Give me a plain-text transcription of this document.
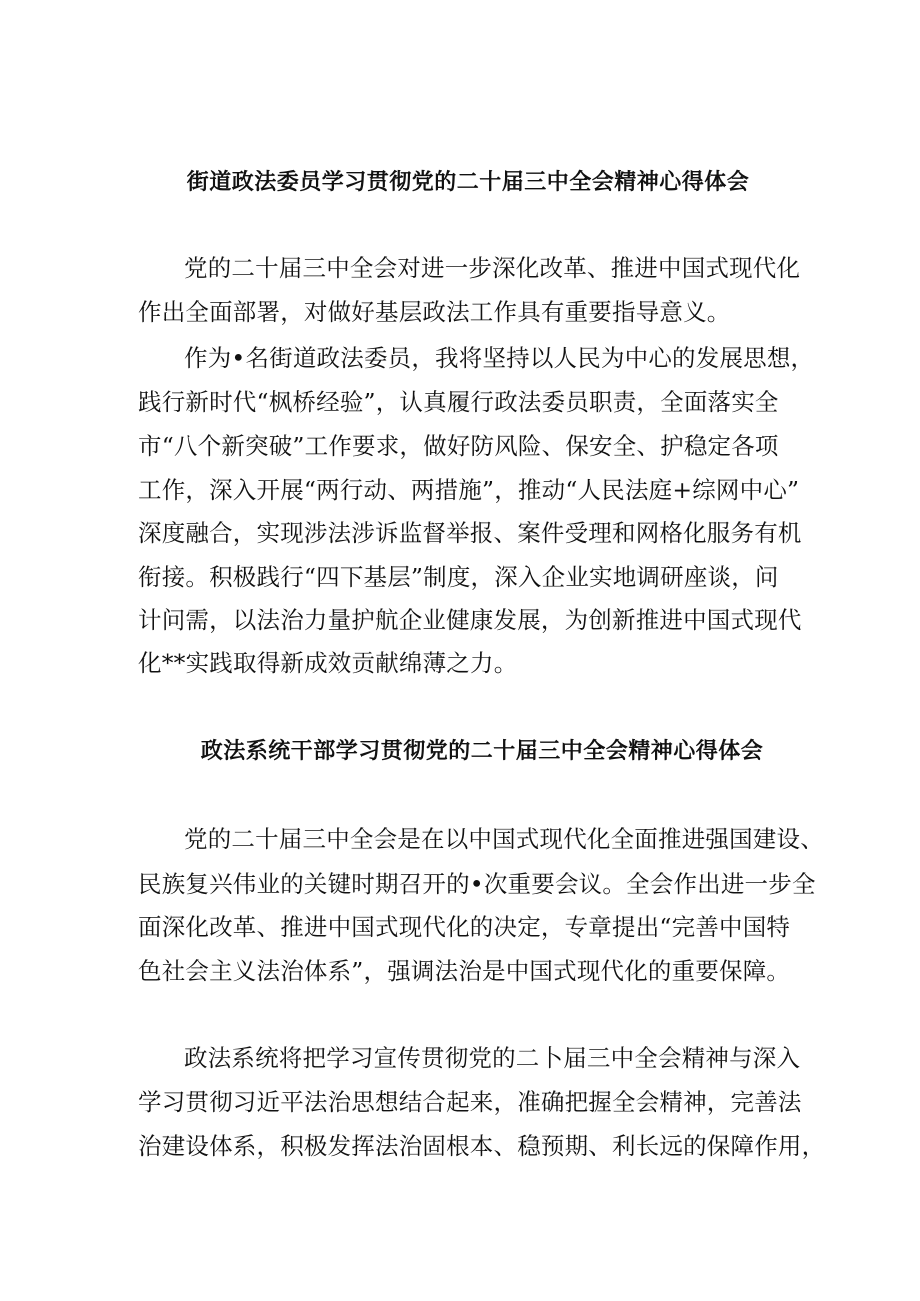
街道政法委员学习贯彻党的二十届三中全会精神心得体会
党的二十届三中全会对进一步深化改革、推进中国式现代化
作出全面部署，对做好基层政法工作具有重要指导意义。
作为•名街道政法委员，我将坚持以人民为中心的发展思想，
践行新时代“枫桥经验”，认真履行政法委员职责，全面落实全
市“八个新突破”工作要求，做好防风险、保安全、护稳定各项
工作，深入开展“两行动、两措施”，推动“人民法庭+综网中心”
深度融合，实现涉法涉诉监督举报、案件受理和网格化服务有机
衔接。积极践行“四下基层”制度，深入企业实地调研座谈，问
计问需，以法治力量护航企业健康发展，为创新推进中国式现代
化**实践取得新成效贡献绵薄之力。
政法系统干部学习贯彻党的二十届三中全会精神心得体会
党的二十届三中全会是在以中国式现代化全面推进强国建设、
民族复兴伟业的关键时期召开的•次重要会议。全会作出进一步全
面深化改革、推进中国式现代化的决定，专章提出“完善中国特
色社会主义法治体系”，强调法治是中国式现代化的重要保障。
政法系统将把学习宣传贯彻党的二卜届三中全会精神与深入
学习贯彻习近平法治思想结合起来，准确把握全会精神，完善法
治建设体系，积极发挥法治固根本、稳预期、利长远的保障作用，
